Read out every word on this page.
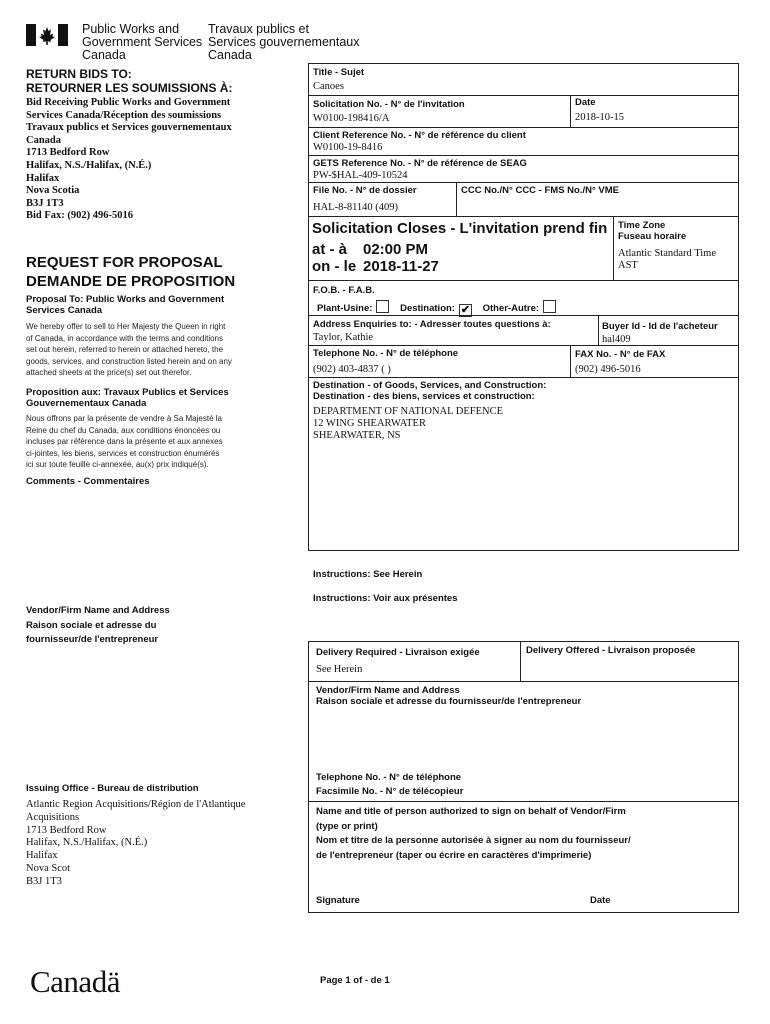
Public Works and
Government Services
Canada
Travaux publics et
Services gouvernementaux
Canada
RETURN BIDS TO:
RETOURNER LES SOUMISSIONS À:
Bid Receiving Public Works and Government
Services Canada/Réception des soumissions
Travaux publics et Services gouvernementaux
Canada
1713 Bedford Row
Halifax, N.S./Halifax, (N.É.)
Halifax
Nova Scotia
B3J 1T3
Bid Fax: (902) 496-5016
REQUEST FOR PROPOSAL
DEMANDE DE PROPOSITION
Proposal To: Public Works and Government
Services Canada
We hereby offer to sell to Her Majesty the Queen in right
of Canada, in accordance with the terms and conditions
set out herein, referred to herein or attached hereto, the
goods, services, and construction listed herein and on any
attached sheets at the price(s) set out therefor.
Proposition aux: Travaux Publics et Services
Gouvernementaux Canada
Nous offrons par la présente de vendre à Sa Majesté la
Reine du chef du Canada, aux conditions énoncées ou
incluses par référence dans la présente et aux annexes
ci-jointes, les biens, services et construction énumérés
ici sur toute feuille ci-annexée, au(x) prix indiqué(s).
Comments - Commentaires
Vendor/Firm Name and Address
Raison sociale et adresse du
fournisseur/de l'entrepreneur
Issuing Office - Bureau de distribution
Atlantic Region Acquisitions/Région de l'Atlantique
Acquisitions
1713 Bedford Row
Halifax, N.S./Halifax, (N.É.)
Halifax
Nova Scot
B3J 1T3
Title - Sujet
Canoes
Solicitation No. - N° de l'invitation
W0100-198416/A
Date
2018-10-15
Client Reference No. - N° de référence du client
W0100-19-8416
GETS Reference No. - N° de référence de SEAG
PW-$HAL-409-10524
File No. - N° de dossier
HAL-8-81140 (409)
CCC No./N° CCC - FMS No./N° VME
Solicitation Closes - L'invitation prend fin
at - à 02:00 PM
on - le 2018-11-27
Time Zone
Fuseau horaire
Atlantic Standard Time
AST
F.O.B. - F.A.B.
Plant-Usine:	Destination: ✔ Other-Autre:
Address Enquiries to: - Adresser toutes questions à:
Taylor, Kathie
Buyer Id - Id de l'acheteur
hal409
Telephone No. - N° de téléphone
(902) 403-4837 ( )
FAX No. - N° de FAX
(902) 496-5016
Destination - of Goods, Services, and Construction:
Destination - des biens, services et construction:
DEPARTMENT OF NATIONAL DEFENCE
12 WING SHEARWATER
SHEARWATER, NS
Instructions: See Herein
Instructions: Voir aux présentes
Delivery Required - Livraison exigée
See Herein
Delivery Offered - Livraison proposée
Vendor/Firm Name and Address
Raison sociale et adresse du fournisseur/de l'entrepreneur
Telephone No. - N° de téléphone
Facsimile No. - N° de télécopieur
Name and title of person authorized to sign on behalf of Vendor/Firm
(type or print)
Nom et titre de la personne autorisée à signer au nom du fournisseur/
de l'entrepreneur (taper ou écrire en caractères d'imprimerie)
Signature	Date
Canadä	Page 1 of - de 1
